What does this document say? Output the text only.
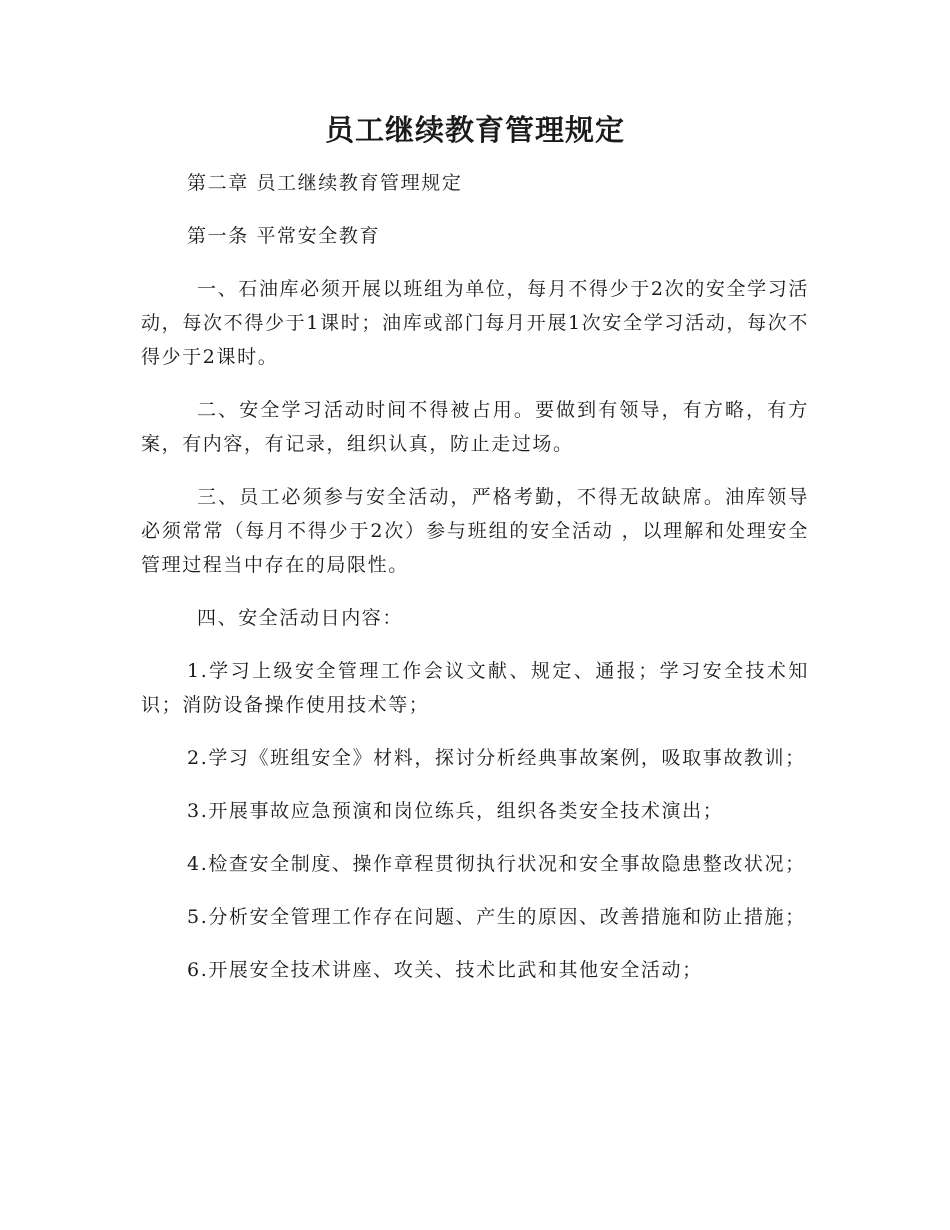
员工继续教育管理规定

第二章 员工继续教育管理规定

第一条 平常安全教育

一、石油库必须开展以班组为单位，每月不得少于2次的安全学习活动，每次不得少于1课时；油库或部门每月开展1次安全学习活动，每次不得少于2课时。

二、安全学习活动时间不得被占用。要做到有领导，有方略，有方案，有内容，有记录，组织认真，防止走过场。

三、员工必须参与安全活动，严格考勤，不得无故缺席。油库领导必须常常（每月不得少于2次）参与班组的安全活动 ，以理解和处理安全管理过程当中存在的局限性。

四、安全活动日内容：

1.学习上级安全管理工作会议文献、规定、通报；学习安全技术知识；消防设备操作使用技术等；

2.学习《班组安全》材料，探讨分析经典事故案例，吸取事故教训；

3.开展事故应急预演和岗位练兵，组织各类安全技术演出；

4.检查安全制度、操作章程贯彻执行状况和安全事故隐患整改状况；

5.分析安全管理工作存在问题、产生的原因、改善措施和防止措施；

6.开展安全技术讲座、攻关、技术比武和其他安全活动；
